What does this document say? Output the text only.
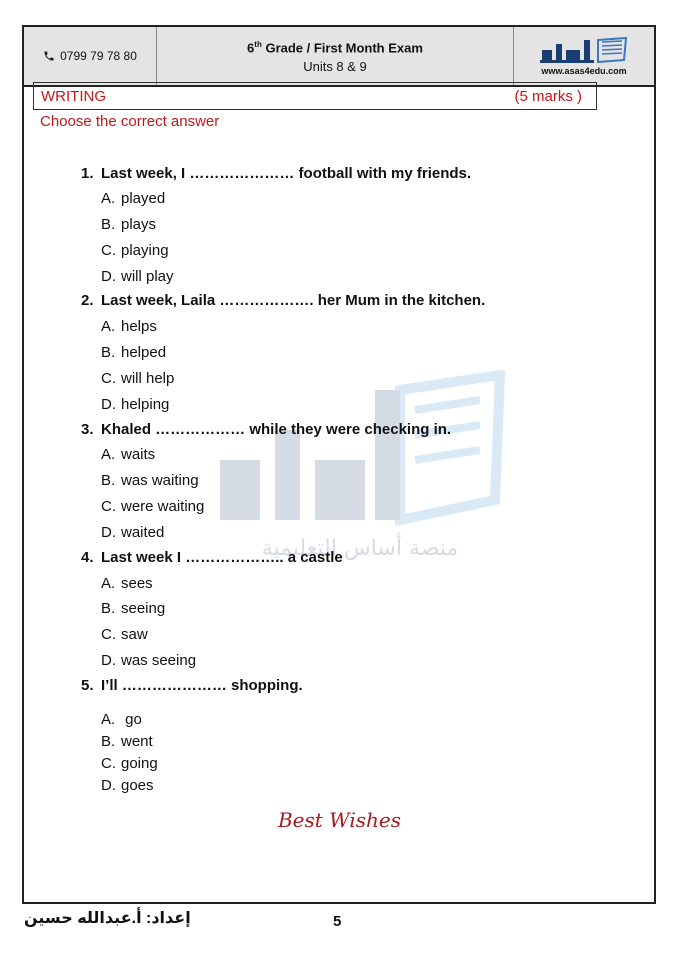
0799 79 78 80
6th Grade / First Month Exam
Units 8 & 9	www.asas4edu.com
منصة أساس التعليمية
WRITING	(5 marks )
Choose the correct answer
1. Last week, I ………………… football with my friends.
A. played
B. plays
C. playing
D. will play
2. Last week, Laila ………………. her Mum in the kitchen.
A. helps
B. helped
C. will help
D. helping
3. Khaled ……………… while they were checking in.
A. waits
B. was waiting
C. were waiting
D. waited
4. Last week I ……………….. a castle
A. sees
B. seeing
C. saw
D. was seeing
5. I’ll ………………… shopping.
A. go
B. went
C. going
D. goes
Best Wishes
إعداد: أ.عبدالله حسين	5
